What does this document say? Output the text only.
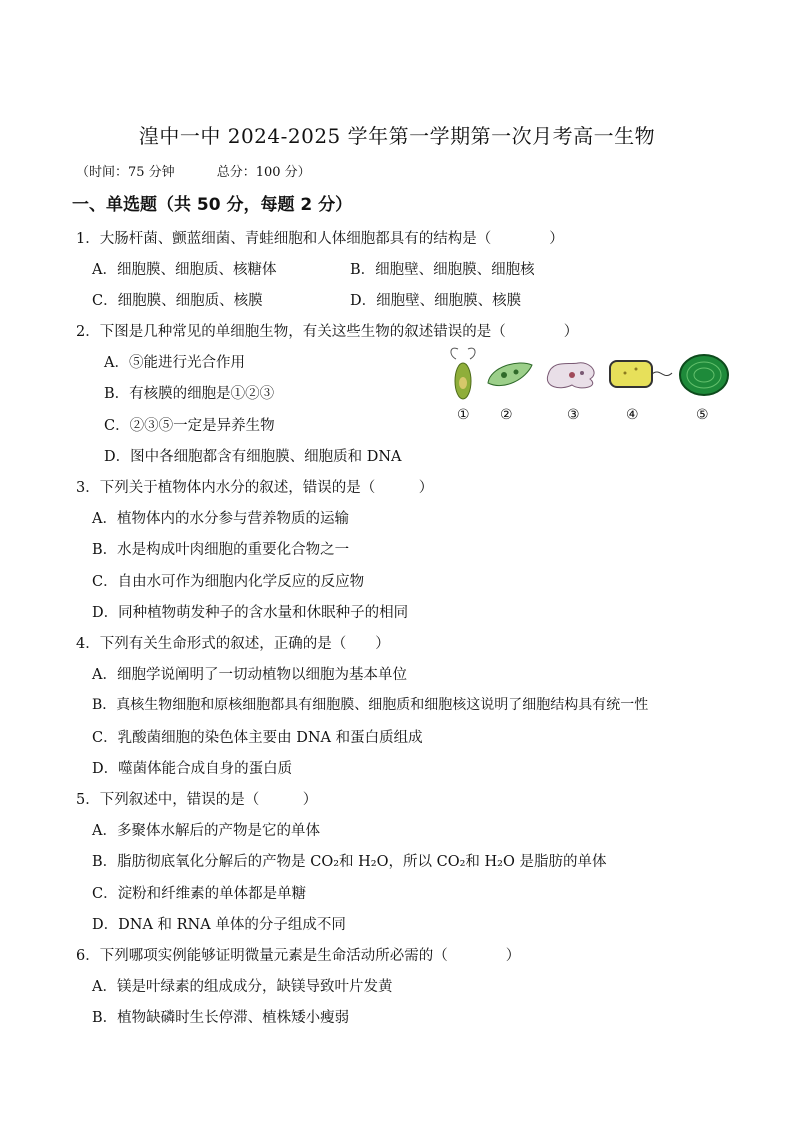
湟中一中 2024-2025 学年第一学期第一次月考高一生物
（时间：75 分钟	总分：100 分）
一、单选题（共 50 分，每题 2 分）
1．大肠杆菌、颤蓝细菌、青蛙细胞和人体细胞都具有的结构是（　　　　）
A．细胞膜、细胞质、核糖体	B．细胞壁、细胞膜、细胞核
C．细胞膜、细胞质、核膜	D．细胞壁、细胞膜、核膜
2．下图是几种常见的单细胞生物，有关这些生物的叙述错误的是（　　　　）
A．⑤能进行光合作用
B．有核膜的细胞是①②③
C．②③⑤一定是异养生物
D．图中各细胞都含有细胞膜、细胞质和 DNA
① ②	③	④	⑤
3．下列关于植物体内水分的叙述，错误的是（　　　）
A．植物体内的水分参与营养物质的运输
B．水是构成叶肉细胞的重要化合物之一
C．自由水可作为细胞内化学反应的反应物
D．同种植物萌发种子的含水量和休眠种子的相同
4．下列有关生命形式的叙述，正确的是（　　）
A．细胞学说阐明了一切动植物以细胞为基本单位
B．真核生物细胞和原核细胞都具有细胞膜、细胞质和细胞核这说明了细胞结构具有统一性
C．乳酸菌细胞的染色体主要由 DNA 和蛋白质组成
D．噬菌体能合成自身的蛋白质
5．下列叙述中，错误的是（　　　）
A．多聚体水解后的产物是它的单体
B．脂肪彻底氧化分解后的产物是 CO₂和 H₂O，所以 CO₂和 H₂O 是脂肪的单体
C．淀粉和纤维素的单体都是单糖
D．DNA 和 RNA 单体的分子组成不同
6．下列哪项实例能够证明微量元素是生命活动所必需的（　　　　）
A．镁是叶绿素的组成成分，缺镁导致叶片发黄
B．植物缺磷时生长停滞、植株矮小瘦弱
